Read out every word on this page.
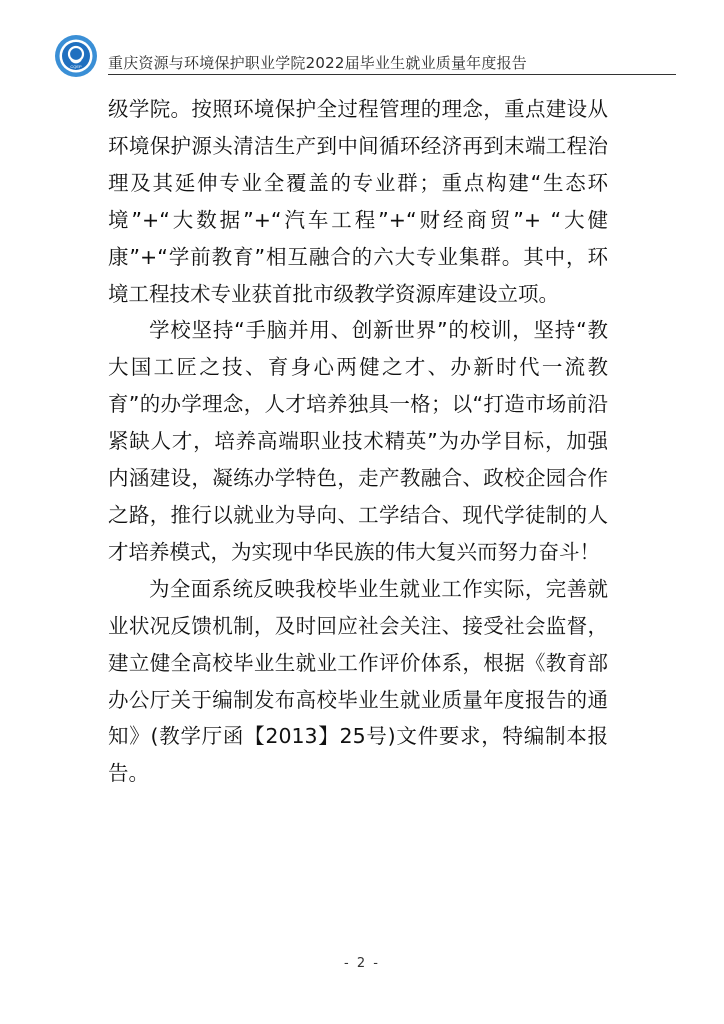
CQEP 重庆资源与环境保护职业学院2022届毕业生就业质量年度报告

级学院。按照环境保护全过程管理的理念，重点建设从环境保护源头清洁生产到中间循环经济再到末端工程治理及其延伸专业全覆盖的专业群；重点构建“生态环境”+“大数据”+“汽车工程”+“财经商贸”+ “大健康”+“学前教育”相互融合的六大专业集群。其中，环境工程技术专业获首批市级教学资源库建设立项。

学校坚持“手脑并用、创新世界”的校训，坚持“教大国工匠之技、育身心两健之才、办新时代一流教育”的办学理念，人才培养独具一格；以“打造市场前沿紧缺人才，培养高端职业技术精英”为办学目标，加强内涵建设，凝练办学特色，走产教融合、政校企园合作之路，推行以就业为导向、工学结合、现代学徒制的人才培养模式，为实现中华民族的伟大复兴而努力奋斗！

为全面系统反映我校毕业生就业工作实际，完善就业状况反馈机制，及时回应社会关注、接受社会监督，建立健全高校毕业生就业工作评价体系，根据《教育部办公厅关于编制发布高校毕业生就业质量年度报告的通知》(教学厅函【2013】25号)文件要求，特编制本报告。

- 2 -
